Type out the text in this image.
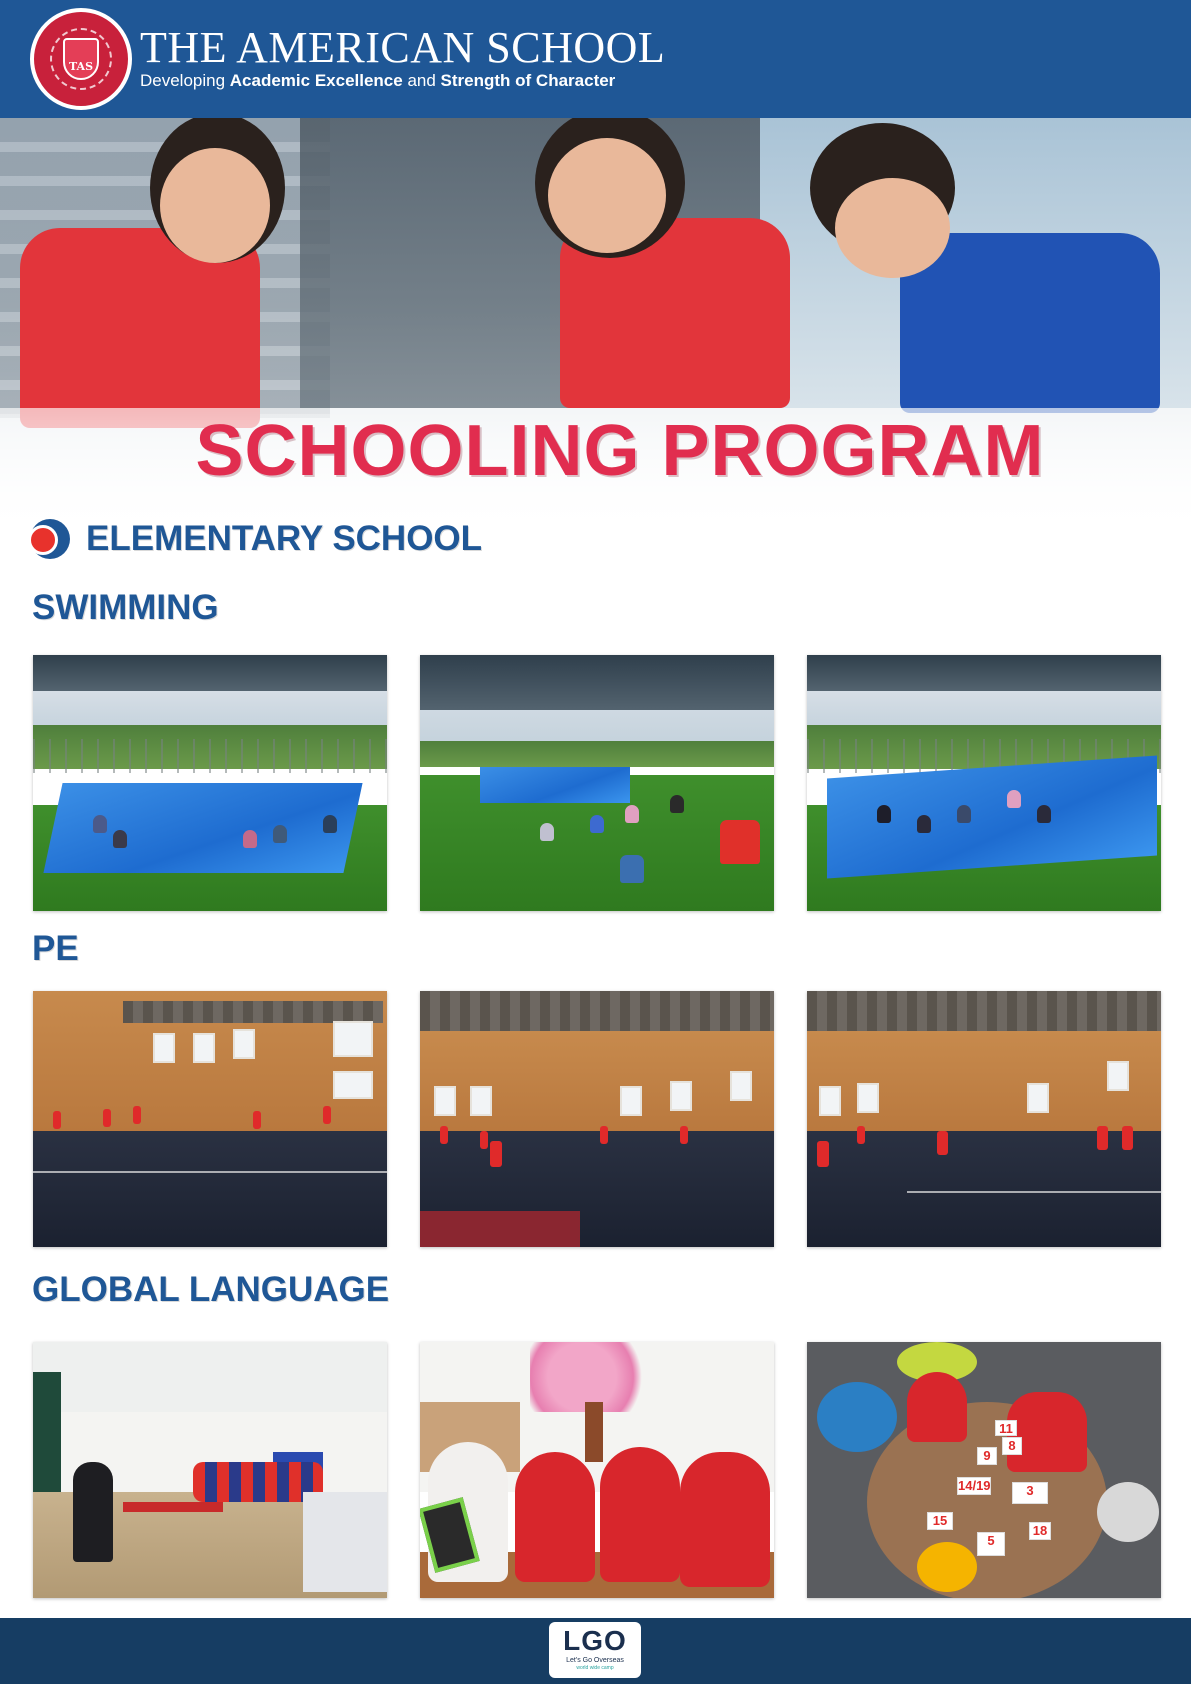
TAS THE AMERICAN SCHOOL
Developing Academic Excellence and Strength of Character
SCHOOLING PROGRAM
ELEMENTARY SCHOOL
SWIMMING
PE
GLOBAL LANGUAGE
15
14/19
9
8
3
5
11
18
LGO
Let's Go Overseas
world wide camp
